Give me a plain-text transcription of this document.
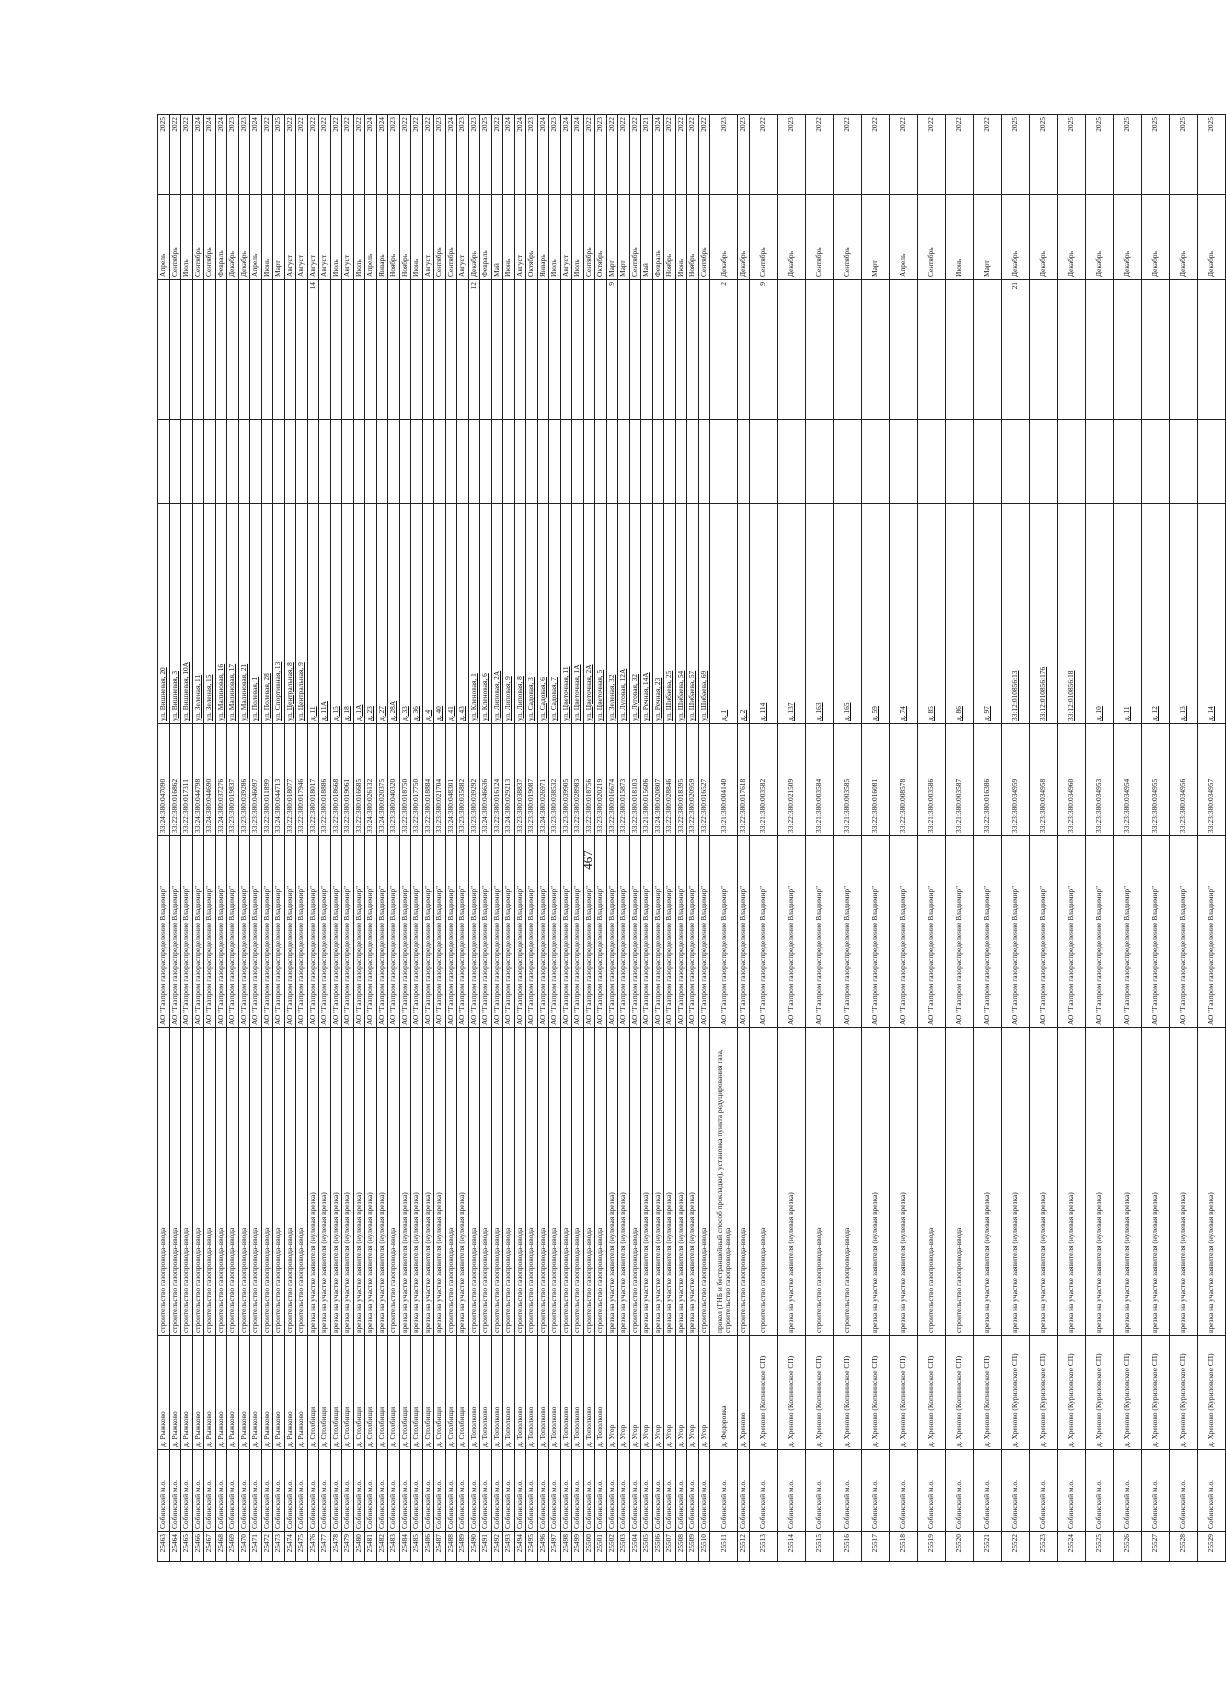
467
25463	Собинский м.о.	д. Рыжково	строительство газопровода-ввода	АО "Газпром газораспределение Владимир"	33:24:380:047090	ул. Вишневая, 20			Апрель	2025
25464	Собинский м.о.	д. Рыжково	строительство газопровода-ввода	АО "Газпром газораспределение Владимир"	33:22:380:016862	ул. Вишневая, 3			Сентябрь	2022
25465	Собинский м.о.	д. Рыжково	строительство газопровода-ввода	АО "Газпром газораспределение Владимир"	33:22:380:017311	ул. Вишневая, 10А			Июль	2022
25466	Собинский м.о.	д. Рыжково	строительство газопровода-ввода	АО "Газпром газораспределение Владимир"	33:24:380:044798	ул. Зеленая, 11			Сентябрь	2024
25467	Собинский м.о.	д. Рыжково	строительство газопровода-ввода	АО "Газпром газораспределение Владимир"	33:24:380:044690	ул. Зеленая, 15			Сентябрь	2024
25468	Собинский м.о.	д. Рыжково	строительство газопровода-ввода	АО "Газпром газораспределение Владимир"	33:24:380:037276	ул. Малиновая, 16			Февраль	2024
25469	Собинский м.о.	д. Рыжково	строительство газопровода-ввода	АО "Газпром газораспределение Владимир"	33:23:380:019837	ул. Малиновая, 17			Декабрь	2023
25470	Собинский м.о.	д. Рыжково	строительство газопровода-ввода	АО "Газпром газораспределение Владимир"	33:23:380:039286	ул. Малиновая, 21			Декабрь	2023
25471	Собинский м.о.	д. Рыжково	строительство газопровода-ввода	АО "Газпром газораспределение Владимир"	33:23:380:046097	ул. Полевая, 1			Апрель	2024
25472	Собинский м.о.	д. Рыжково	строительство газопровода-ввода	АО "Газпром газораспределение Владимир"	33:22:380:011899	ул. Полевая, 28			Июнь	2022
25473	Собинский м.о.	д. Рыжково	строительство газопровода-ввода	АО "Газпром газораспределение Владимир"	33:24:380:044713	ул. Спортивная, 13			Март	2025
25474	Собинский м.о.	д. Рыжково	строительство газопровода-ввода	АО "Газпром газораспределение Владимир"	33:22:380:018077	ул. Центральная, 8			Август	2022
25475	Собинский м.о.	д. Рыжково	строительство газопровода-ввода	АО "Газпром газораспределение Владимир"	33:22:380:017946	ул. Центральная, 9			Август	2022
25476	Собинский м.о.	д. Столбищи	врезка на участке заявителя (нулевая врезка)	АО "Газпром газораспределение Владимир"	33:22:380:018017	д. 11		14	Август	2022
25477	Собинский м.о.	д. Столбищи	врезка на участке заявителя (нулевая врезка)	АО "Газпром газораспределение Владимир"	33:22:380:018886	д. 11А			Август	2022
25478	Собинский м.о.	д. Столбищи	врезка на участке заявителя (нулевая врезка)	АО "Газпром газораспределение Владимир"	33:22:380:018668	д. 15			Июль	2022
25479	Собинский м.о.	д. Столбищи	врезка на участке заявителя (нулевая врезка)	АО "Газпром газораспределение Владимир"	33:22:380:019061	д. 18			Август	2022
25480	Собинский м.о.	д. Столбищи	врезка на участке заявителя (нулевая врезка)	АО "Газпром газораспределение Владимир"	33:22:380:016685	д. 1А			Июль	2022
25481	Собинский м.о.	д. Столбищи	врезка на участке заявителя (нулевая врезка)	АО "Газпром газораспределение Владимир"	33:24:380:026132	д. 23			Апрель	2024
25482	Собинский м.о.	д. Столбищи	врезка на участке заявителя (нулевая врезка)	АО "Газпром газораспределение Владимир"	33:24:380:020375	д. 27			Январь	2024
25483	Собинский м.о.	д. Столбищи	строительство газопровода-ввода	АО "Газпром газораспределение Владимир"	33:23:380:040320	д. 28А			Ноябрь	2023
25484	Собинский м.о.	д. Столбищи	врезка на участке заявителя (нулевая врезка)	АО "Газпром газораспределение Владимир"	33:22:380:018750	д. 33			Ноябрь	2022
25485	Собинский м.о.	д. Столбищи	врезка на участке заявителя (нулевая врезка)	АО "Газпром газораспределение Владимир"	33:22:380:017750	д. 36			Июнь	2022
25486	Собинский м.о.	д. Столбищи	врезка на участке заявителя (нулевая врезка)	АО "Газпром газораспределение Владимир"	33:22:380:018884	д. 4			Август	2022
25487	Собинский м.о.	д. Столбищи	врезка на участке заявителя (нулевая врезка)	АО "Газпром газораспределение Владимир"	33:23:380:021704	д. 40			Сентябрь	2023
25488	Собинский м.о.	д. Столбищи	строительство газопровода-ввода	АО "Газпром газораспределение Владимир"	33:24:380:048301	д. 41			Сентябрь	2024
25489	Собинский м.о.	д. Столбищи	врезка на участке заявителя (нулевая врезка)	АО "Газпром газораспределение Владимир"	33:23:380:035882	д. 43			Август	2023
25490	Собинский м.о.	д. Тополково	строительство газопровода-ввода	АО "Газпром газораспределение Владимир"	33:23:380:039292	ул. Кленовая, 1		12	Декабрь	2023
25491	Собинский м.о.	д. Тополково	строительство газопровода-ввода	АО "Газпром газораспределение Владимир"	33:24:380:046636	ул. Кленовая, 6			Февраль	2025
25492	Собинский м.о.	д. Тополково	строительство газопровода-ввода	АО "Газпром газораспределение Владимир"	33:22:380:016124	ул. Липовая, 2А			Май	2022
25493	Собинский м.о.	д. Тополково	строительство газопровода-ввода	АО "Газпром газораспределение Владимир"	33:24:380:029213	ул. Липовая, 9			Июнь	2024
25494	Собинский м.о.	д. Тополково	строительство газопровода-ввода	АО "Газпром газораспределение Владимир"	33:23:380:038837	ул. Липовая, 8			Август	2024
25495	Собинский м.о.	д. Тополково	строительство газопровода-ввода	АО "Газпром газораспределение Владимир"	33:23:380:019087	ул. Садовая, 3			Октябрь	2023
25496	Собинский м.о.	д. Тополково	строительство газопровода-ввода	АО "Газпром газораспределение Владимир"	33:24:380:026971	ул. Садовая, 6			Январь	2024
25497	Собинский м.о.	д. Тополково	строительство газопровода-ввода	АО "Газпром газораспределение Владимир"	33:23:380:038532	ул. Садовая, 7			Июль	2023
25498	Собинский м.о.	д. Тополково	строительство газопровода-ввода	АО "Газпром газораспределение Владимир"	33:23:380:039905	ул. Цветочная, 11			Август	2024
25499	Собинский м.о.	д. Тополково	строительство газопровода-ввода	АО "Газпром газораспределение Владимир"	33:22:380:028983	ул. Цветочная, 1А			Июль	2024
25500	Собинский м.о.	д. Тополково	строительство газопровода-ввода	АО "Газпром газораспределение Владимир"	33:22:380:018756	ул. Цветочная, 2А			Сентябрь	2022
25501	Собинский м.о.	д. Тополково	строительство газопровода-ввода	АО "Газпром газораспределение Владимир"	33:23:380:020219	ул. Цветочная, 5			Октябрь	2023
25502	Собинский м.о.	д. Угор	врезка на участке заявителя (нулевая врезка)	АО "Газпром газораспределение Владимир"	33:22:380:016674	ул. Зеленая, 32		9	Март	2022
25503	Собинский м.о.	д. Угор	врезка на участке заявителя (нулевая врезка)	АО "Газпром газораспределение Владимир"	33:22:380:015873	ул. Луговая, 12А			Март	2022
25504	Собинский м.о.	д. Угор	строительство газопровода-ввода	АО "Газпром газораспределение Владимир"	33:22:380:018103	ул. Луговая, 32			Сентябрь	2022
25505	Собинский м.о.	д. Угор	врезка на участке заявителя (нулевая врезка)	АО "Газпром газораспределение Владимир"	33:21:380:015606	ул. Речная, 14А			Май	2021
25506	Собинский м.о.	д. Угор	врезка на участке заявителя (нулевая врезка)	АО "Газпром газораспределение Владимир"	33:24:380:020807	ул. Речная, 23			Февраль	2024
25507	Собинский м.о.	д. Угор	врезка на участке заявителя (нулевая врезка)	АО "Газпром газораспределение Владимир"	33:22:380:028846	ул. Шибаева, 25			Ноябрь	2022
25508	Собинский м.о.	д. Угор	врезка на участке заявителя (нулевая врезка)	АО "Газпром газораспределение Владимир"	33:22:380:018395	ул. Шибаева, 54			Июнь	2022
25509	Собинский м.о.	д. Угор	врезка на участке заявителя (нулевая врезка)	АО "Газпром газораспределение Владимир"	33:22:380:020959	ул. Шибаева, 57			Ноябрь	2022
25510	Собинский м.о.	д. Угор	строительство газопровода-ввода	АО "Газпром газораспределение Владимир"	33:22:380:016527	ул. Шибаева, 69			Сентябрь	2022
25511	Собинский м.о.	д. Федоровка	прокол (ГНБ и бестраншейный способ прокладки), установка пункта редуцирования газа, строительство газопровода-ввода	АО "Газпром газораспределение Владимир"	33:21:380:004140	д. 1		2	Декабрь	2023
25512	Собинский м.о.	д. Хреново	строительство газопровода-ввода	АО "Газпром газораспределение Владимир"	33:22:380:017618	д. 2			Декабрь	2023
25513	Собинский м.о.	д. Хреново (Копнинское СП)	строительство газопровода-ввода	АО "Газпром газораспределение Владимир"	33:21:380:003582	д. 114		9	Сентябрь	2022
25514	Собинский м.о.	д. Хреново (Копнинское СП)	врезка на участке заявителя (нулевая врезка)	АО "Газпром газораспределение Владимир"	33:22:380:021509	д. 137			Декабрь	2023
25515	Собинский м.о.	д. Хреново (Копнинское СП)	строительство газопровода-ввода	АО "Газпром газораспределение Владимир"	33:21:380:003584	д. 163			Сентябрь	2022
25516	Собинский м.о.	д. Хреново (Копнинское СП)	строительство газопровода-ввода	АО "Газпром газораспределение Владимир"	33:21:380:003585	д. 165			Сентябрь	2022
25517	Собинский м.о.	д. Хреново (Копнинское СП)	врезка на участке заявителя (нулевая врезка)	АО "Газпром газораспределение Владимир"	33:22:380:016081	д. 59			Март	2022
25518	Собинский м.о.	д. Хреново (Копнинское СП)	врезка на участке заявителя (нулевая врезка)	АО "Газпром газораспределение Владимир"	33:22:380:008578	д. 74			Апрель	2022
25519	Собинский м.о.	д. Хреново (Копнинское СП)	строительство газопровода-ввода	АО "Газпром газораспределение Владимир"	33:21:380:003586	д. 85			Сентябрь	2022
25520	Собинский м.о.	д. Хреново (Копнинское СП)	строительство газопровода-ввода	АО "Газпром газораспределение Владимир"	33:21:380:003587	д. 86			Июнь	2022
25521	Собинский м.о.	д. Хреново (Копнинское СП)	врезка на участке заявителя (нулевая врезка)	АО "Газпром газораспределение Владимир"	33:22:380:016386	д. 97			Март	2022
25522	Собинский м.о.	д. Хреново (Куриловское СП)	врезка на участке заявителя (нулевая врезка)	АО "Газпром газораспределение Владимир"	33:23:380:034959	33:12:010856:13		21	Декабрь	2025
25523	Собинский м.о.	д. Хреново (Куриловское СП)	врезка на участке заявителя (нулевая врезка)	АО "Газпром газораспределение Владимир"	33:23:380:034958	33:12:010856:176			Декабрь	2025
25524	Собинский м.о.	д. Хреново (Куриловское СП)	врезка на участке заявителя (нулевая врезка)	АО "Газпром газораспределение Владимир"	33:23:380:034960	33:12:010856:18			Декабрь	2025
25525	Собинский м.о.	д. Хреново (Куриловское СП)	врезка на участке заявителя (нулевая врезка)	АО "Газпром газораспределение Владимир"	33:23:380:034953	д. 10			Декабрь	2025
25526	Собинский м.о.	д. Хреново (Куриловское СП)	врезка на участке заявителя (нулевая врезка)	АО "Газпром газораспределение Владимир"	33:23:380:034954	д. 11			Декабрь	2025
25527	Собинский м.о.	д. Хреново (Куриловское СП)	врезка на участке заявителя (нулевая врезка)	АО "Газпром газораспределение Владимир"	33:23:380:034955	д. 12			Декабрь	2025
25528	Собинский м.о.	д. Хреново (Куриловское СП)	врезка на участке заявителя (нулевая врезка)	АО "Газпром газораспределение Владимир"	33:23:380:034956	д. 13			Декабрь	2025
25529	Собинский м.о.	д. Хреново (Куриловское СП)	врезка на участке заявителя (нулевая врезка)	АО "Газпром газораспределение Владимир"	33:23:380:034957	д. 14			Декабрь	2025
